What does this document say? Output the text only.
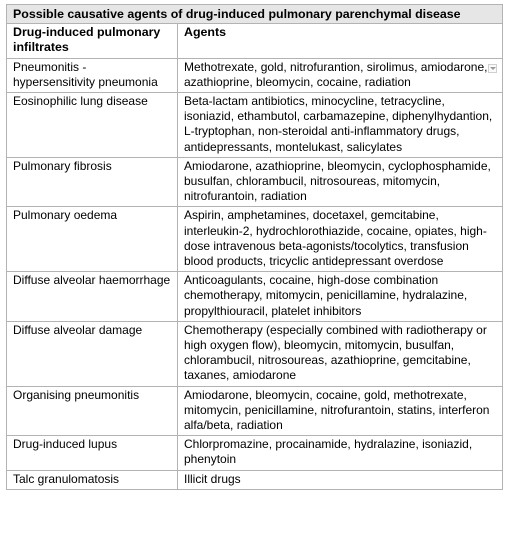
Possible causative agents of drug-induced pulmonary parenchymal disease	
Drug-induced pulmonary infiltrates	Agents
Pneumonitis - hypersensitivity pneumonia	Methotrexate, gold, nitrofurantion, sirolimus, amiodarone, azathioprine, bleomycin, cocaine, radiation

Eosinophilic lung disease	Beta-lactam antibiotics, minocycline, tetracycline, isoniazid, ethambutol, carbamazepine, diphenylhydantion, L-tryptophan, non-steroidal anti-inflammatory drugs, antidepressants, montelukast, salicylates
Pulmonary fibrosis	Amiodarone, azathioprine, bleomycin, cyclophosphamide, busulfan, chlorambucil, nitrosoureas, mitomycin, nitrofurantoin, radiation
Pulmonary oedema	Aspirin, amphetamines, docetaxel, gemcitabine, interleukin-2, hydrochlorothiazide, cocaine, opiates, high-dose intravenous beta-agonists/tocolytics, transfusion blood products, tricyclic antidepressant overdose
Diffuse alveolar haemorrhage	Anticoagulants, cocaine, high-dose combination chemotherapy, mitomycin, penicillamine, hydralazine, propylthiouracil, platelet inhibitors
Diffuse alveolar damage	Chemotherapy (especially combined with radiotherapy or high oxygen flow), bleomycin, mitomycin, busulfan, chlorambucil, nitrosoureas, azathioprine, gemcitabine, taxanes, amiodarone
Organising pneumonitis	Amiodarone, bleomycin, cocaine, gold, methotrexate, mitomycin, penicillamine, nitrofurantoin, statins, interferon alfa/beta, radiation
Drug-induced lupus	Chlorpromazine, procainamide, hydralazine, isoniazid, phenytoin
Talc granulomatosis	Illicit drugs
